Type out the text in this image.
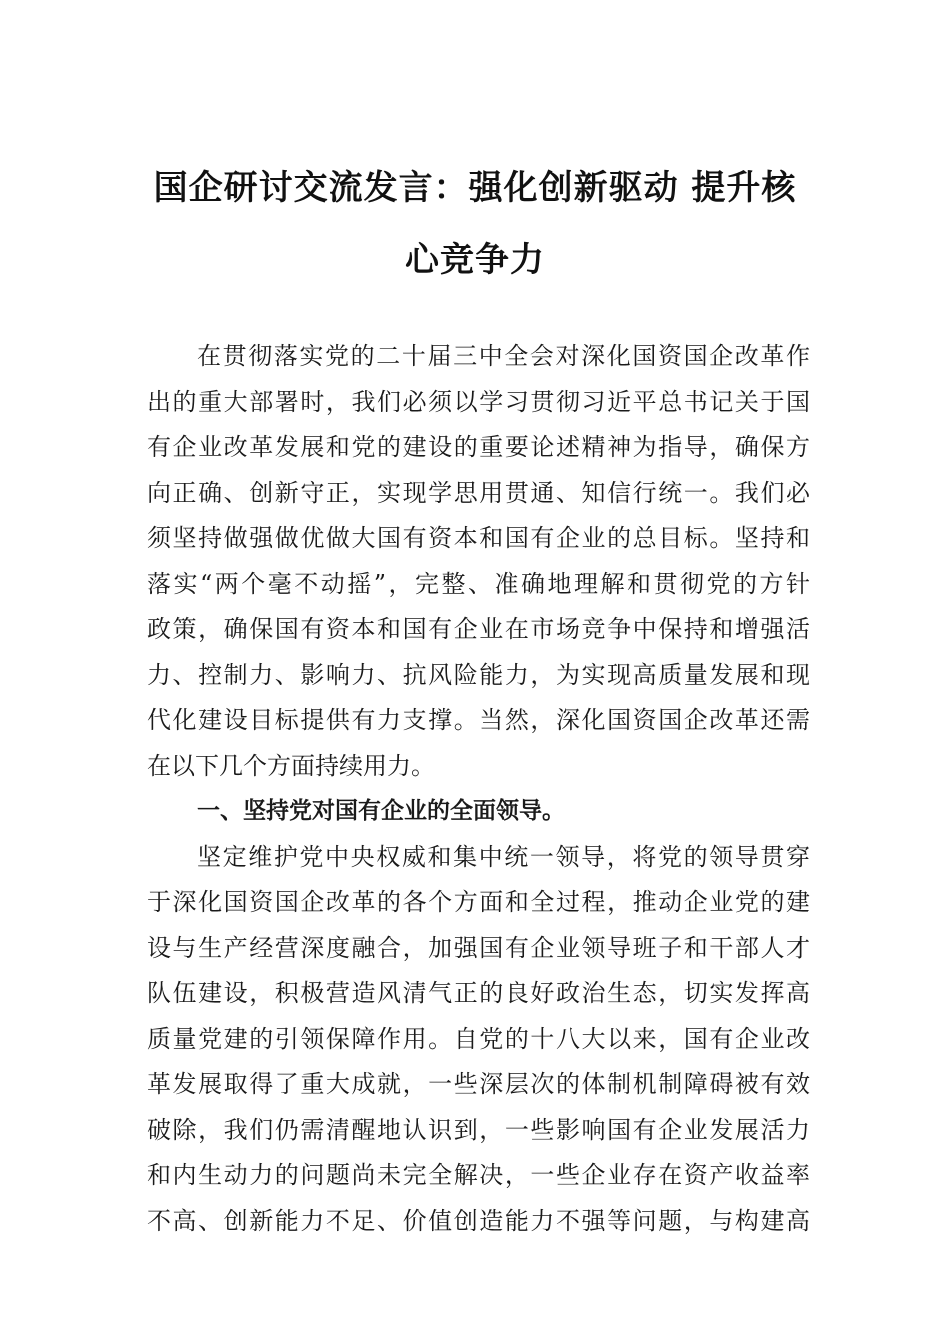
国企研讨交流发言：强化创新驱动 提升核
心竞争力
在贯彻落实党的二十届三中全会对深化国资国企改革作
出的重大部署时，我们必须以学习贯彻习近平总书记关于国
有企业改革发展和党的建设的重要论述精神为指导，确保方
向正确、创新守正，实现学思用贯通、知信行统一。我们必
须坚持做强做优做大国有资本和国有企业的总目标。坚持和
落实“两个毫不动摇”，完整、准确地理解和贯彻党的方针
政策，确保国有资本和国有企业在市场竞争中保持和增强活
力、控制力、影响力、抗风险能力，为实现高质量发展和现
代化建设目标提供有力支撑。当然，深化国资国企改革还需
在以下几个方面持续用力。
一、坚持党对国有企业的全面领导。
坚定维护党中央权威和集中统一领导，将党的领导贯穿
于深化国资国企改革的各个方面和全过程，推动企业党的建
设与生产经营深度融合，加强国有企业领导班子和干部人才
队伍建设，积极营造风清气正的良好政治生态，切实发挥高
质量党建的引领保障作用。自党的十八大以来，国有企业改
革发展取得了重大成就，一些深层次的体制机制障碍被有效
破除，我们仍需清醒地认识到，一些影响国有企业发展活力
和内生动力的问题尚未完全解决，一些企业存在资产收益率
不高、创新能力不足、价值创造能力不强等问题，与构建高
